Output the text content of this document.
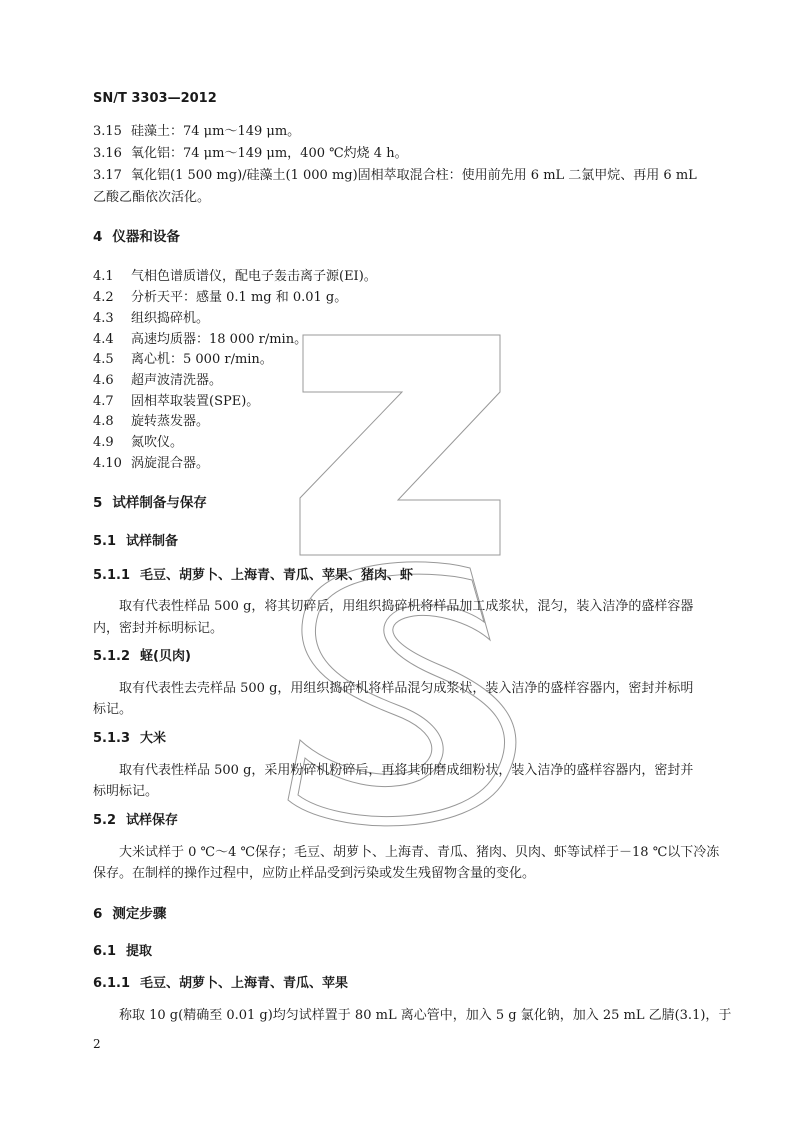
SN/T 3303—2012
3.15 硅藻土：74 μm～149 μm。
3.16 氧化铝：74 μm～149 μm，400 ℃灼烧 4 h。
3.17 氧化铝(1 500 mg)/硅藻土(1 000 mg)固相萃取混合柱：使用前先用 6 mL 二氯甲烷、再用 6 mL
乙酸乙酯依次活化。
4 仪器和设备
4.1 气相色谱质谱仪，配电子轰击离子源(EI)。
4.2 分析天平：感量 0.1 mg 和 0.01 g。
4.3 组织捣碎机。
4.4 高速均质器：18 000 r/min。
4.5 离心机：5 000 r/min。
4.6 超声波清洗器。
4.7 固相萃取装置(SPE)。
4.8 旋转蒸发器。
4.9 氮吹仪。
4.10 涡旋混合器。
5 试样制备与保存
5.1 试样制备
5.1.1 毛豆、胡萝卜、上海青、青瓜、苹果、猪肉、虾
取有代表性样品 500 g，将其切碎后，用组织捣碎机将样品加工成浆状，混匀，装入洁净的盛样容器
内，密封并标明标记。
5.1.2 蛏(贝肉)
取有代表性去壳样品 500 g，用组织捣碎机将样品混匀成浆状，装入洁净的盛样容器内，密封并标明
标记。
5.1.3 大米
取有代表性样品 500 g，采用粉碎机粉碎后，再将其研磨成细粉状，装入洁净的盛样容器内，密封并
标明标记。
5.2 试样保存
大米试样于 0 ℃～4 ℃保存；毛豆、胡萝卜、上海青、青瓜、猪肉、贝肉、虾等试样于－18 ℃以下冷冻
保存。在制样的操作过程中，应防止样品受到污染或发生残留物含量的变化。
6 测定步骤
6.1 提取
6.1.1 毛豆、胡萝卜、上海青、青瓜、苹果
称取 10 g(精确至 0.01 g)均匀试样置于 80 mL 离心管中，加入 5 g 氯化钠，加入 25 mL 乙腈(3.1)，于
2
